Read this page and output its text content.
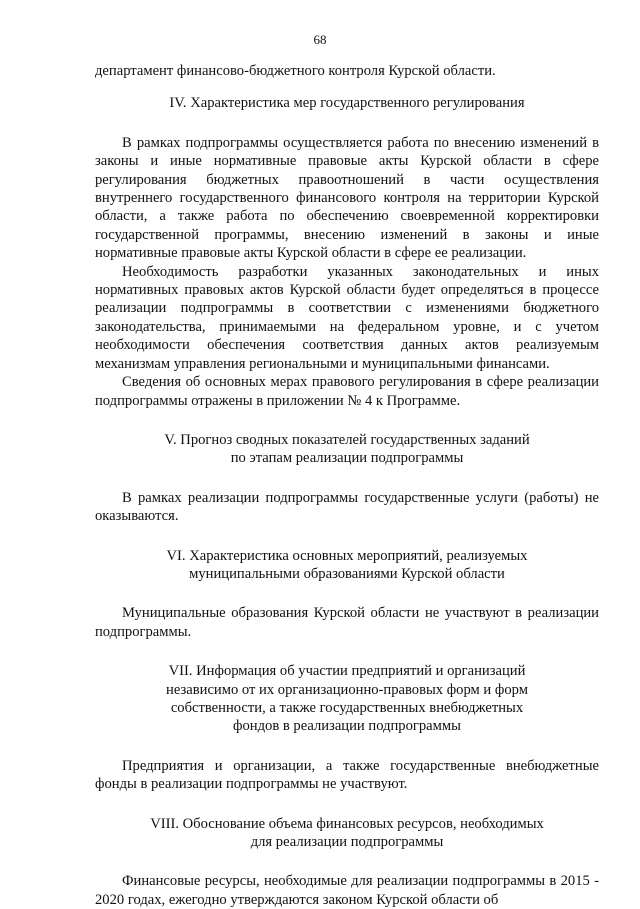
68

департамент финансово-бюджетного контроля Курской области.

IV. Характеристика мер государственного регулирования

В рамках подпрограммы осуществляется работа по внесению изменений в законы и иные нормативные правовые акты Курской области в сфере регулирования бюджетных правоотношений в части осуществления внутреннего государственного финансового контроля на территории Курской области, а также работа по обеспечению своевременной корректировки государственной программы, внесению изменений в законы и иные нормативные правовые акты Курской области в сфере ее реализации.

Необходимость разработки указанных законодательных и иных нормативных правовых актов Курской области будет определяться в процессе реализации подпрограммы в соответствии с изменениями бюджетного законодательства, принимаемыми на федеральном уровне, и с учетом необходимости обеспечения соответствия данных актов реализуемым механизмам управления региональными и муниципальными финансами.

Сведения об основных мерах правового регулирования в сфере реализации подпрограммы отражены в приложении № 4 к Программе.

V. Прогноз сводных показателей государственных заданий
по этапам реализации подпрограммы

В рамках реализации подпрограммы государственные услуги (работы) не оказываются.

VI. Характеристика основных мероприятий, реализуемых
муниципальными образованиями Курской области

Муниципальные образования Курской области не участвуют в реализации подпрограммы.

VII. Информация об участии предприятий и организаций
независимо от их организационно-правовых форм и форм
собственности, а также государственных внебюджетных
фондов в реализации подпрограммы

Предприятия и организации, а также государственные внебюджетные фонды в реализации подпрограммы не участвуют.

VIII. Обоснование объема финансовых ресурсов, необходимых
для реализации подпрограммы

Финансовые ресурсы, необходимые для реализации подпрограммы в 2015 - 2020 годах, ежегодно утверждаются законом Курской области об
